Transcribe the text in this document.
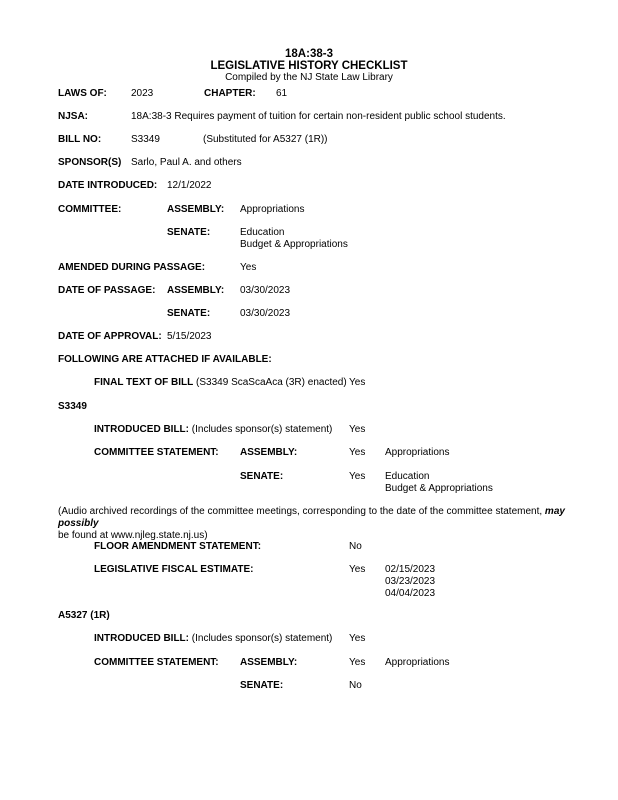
18A:38-3
LEGISLATIVE HISTORY CHECKLIST
Compiled by the NJ State Law Library
LAWS OF: 2023	CHAPTER: 61
NJSA:	18A:38-3 Requires payment of tuition for certain non-resident public school students.
BILL NO:	S3349	(Substituted for A5327 (1R))
SPONSOR(S) Sarlo, Paul A. and others
DATE INTRODUCED: 12/1/2022
COMMITTEE:	ASSEMBLY: Appropriations
SENATE:	Education
Budget & Appropriations
AMENDED DURING PASSAGE:	Yes
DATE OF PASSAGE: ASSEMBLY: 03/30/2023
SENATE:	03/30/2023
DATE OF APPROVAL: 5/15/2023
FOLLOWING ARE ATTACHED IF AVAILABLE:
FINAL TEXT OF BILL (S3349 ScaScaAca (3R) enacted) Yes
S3349
INTRODUCED BILL: (Includes sponsor(s) statement) Yes
COMMITTEE STATEMENT: ASSEMBLY:	Yes Appropriations
SENATE:	Yes Education
Budget & Appropriations
(Audio archived recordings of the committee meetings, corresponding to the date of the committee statement, may possibly
be found at www.njleg.state.nj.us)
FLOOR AMENDMENT STATEMENT:	No
LEGISLATIVE FISCAL ESTIMATE:	Yes 02/15/2023
03/23/2023
04/04/2023
A5327 (1R)
INTRODUCED BILL: (Includes sponsor(s) statement) Yes
COMMITTEE STATEMENT: ASSEMBLY:	Yes Appropriations
SENATE:	No
